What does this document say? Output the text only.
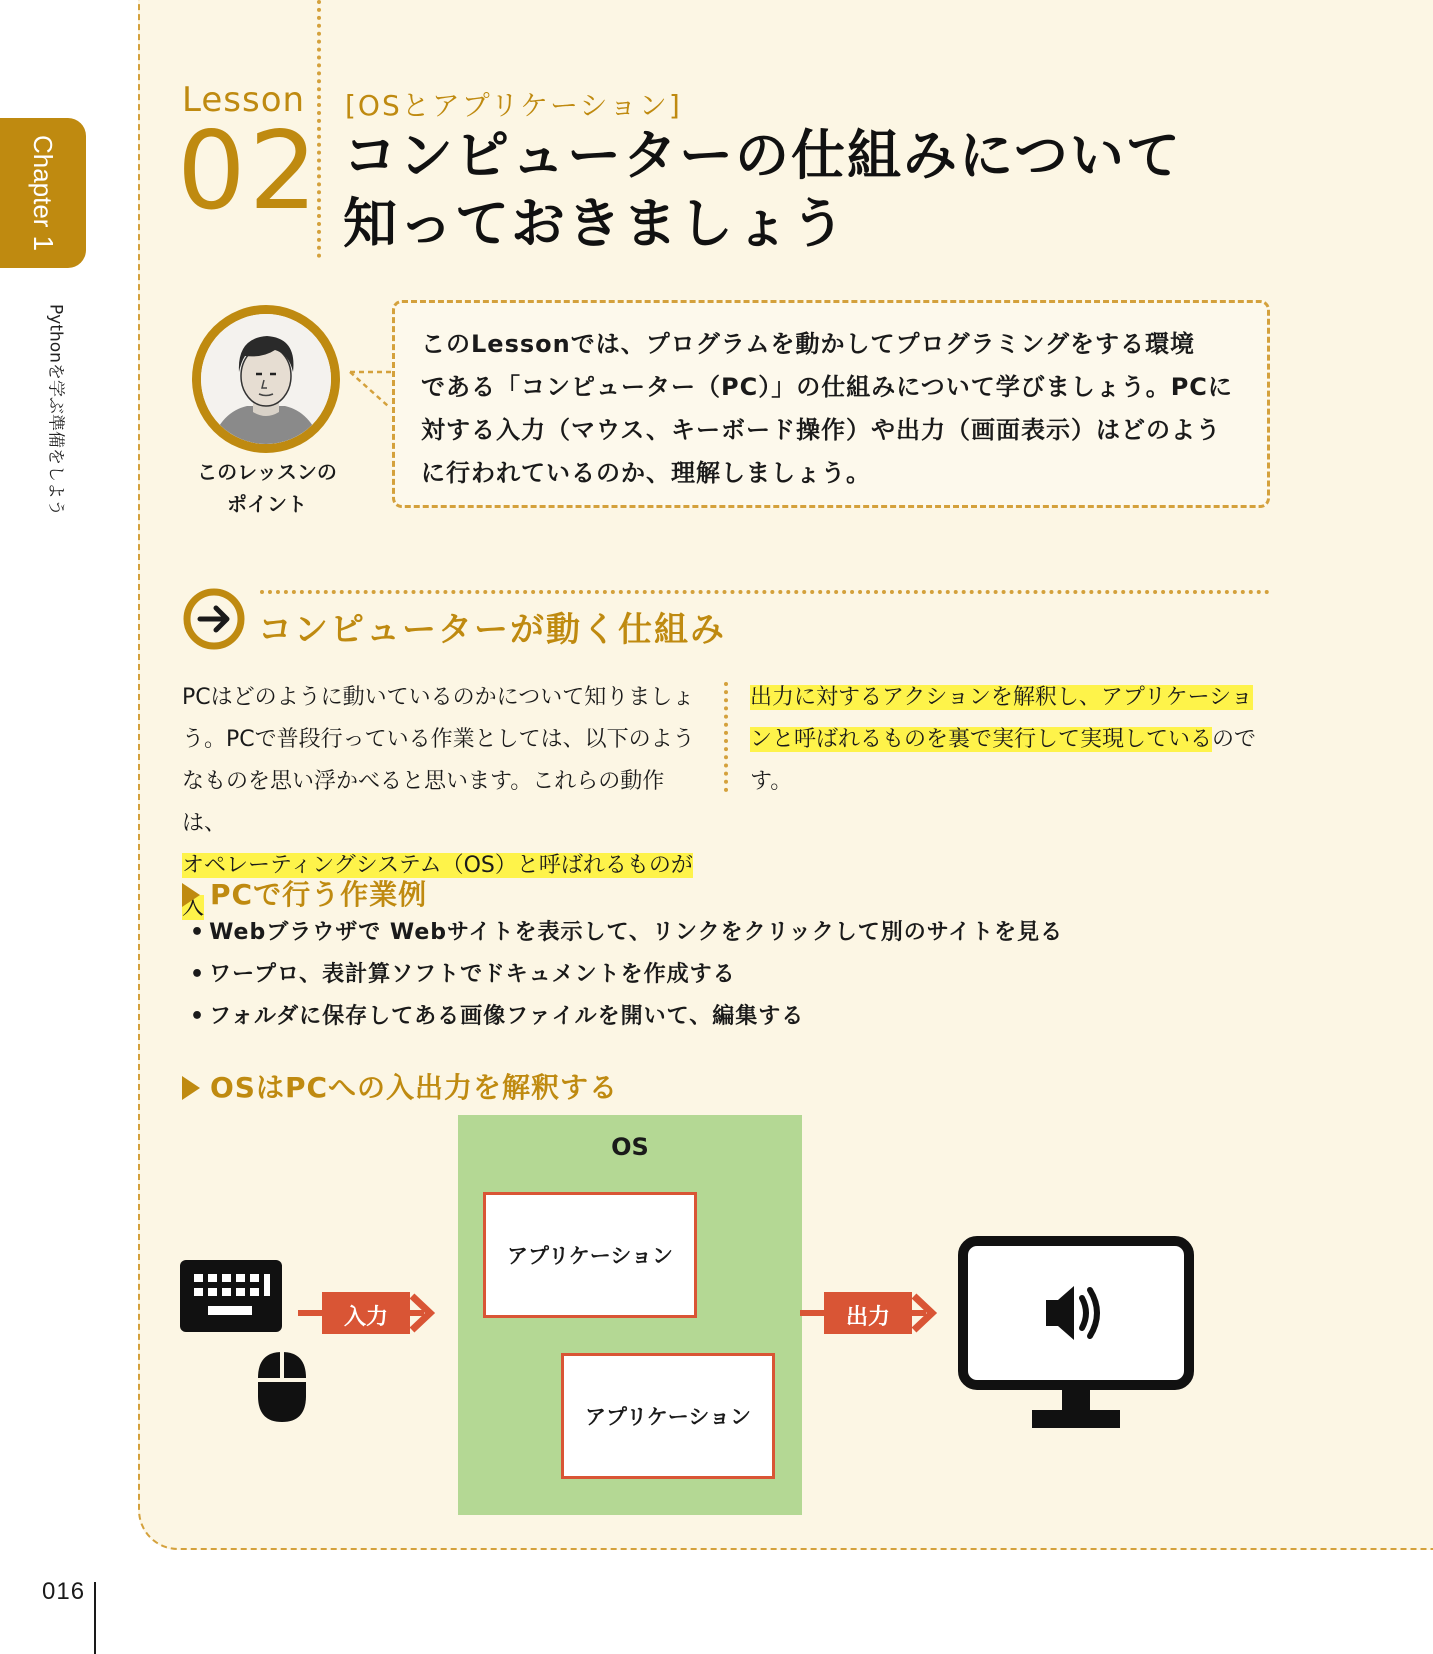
Chapter1
Pythonを学ぶ準備をしよう
016
Lesson
02
[OSとアプリケーション]
コンピューターの仕組みについて
知っておきましょう
このレッスンの
ポイント
このLessonでは、プログラムを動かしてプログラミングをする環境
である「コンピューター（PC）」の仕組みについて学びましょう。PCに
対する入力（マウス、キーボード操作）や出力（画面表示）はどのよう
に行われているのか、理解しましょう。
コンピューターが動く仕組み
PCはどのように動いているのかについて知りましょ
う。PCで普段行っている作業としては、以下のよう
なものを思い浮かべると思います。これらの動作は、
オペレーティングシステム（OS）と呼ばれるものが入
出力に対するアクションを解釈し、アプリケーショ
ンと呼ばれるものを裏で実行して実現しているので
す。
PCで行う作業例
• Webブラウザで Webサイトを表示して、リンクをクリックして別のサイトを見る
• ワープロ、表計算ソフトでドキュメントを作成する
• フォルダに保存してある画像ファイルを開いて、編集する
OSはPCへの入出力を解釈する
OS
アプリケーション
アプリケーション
入力	出力
